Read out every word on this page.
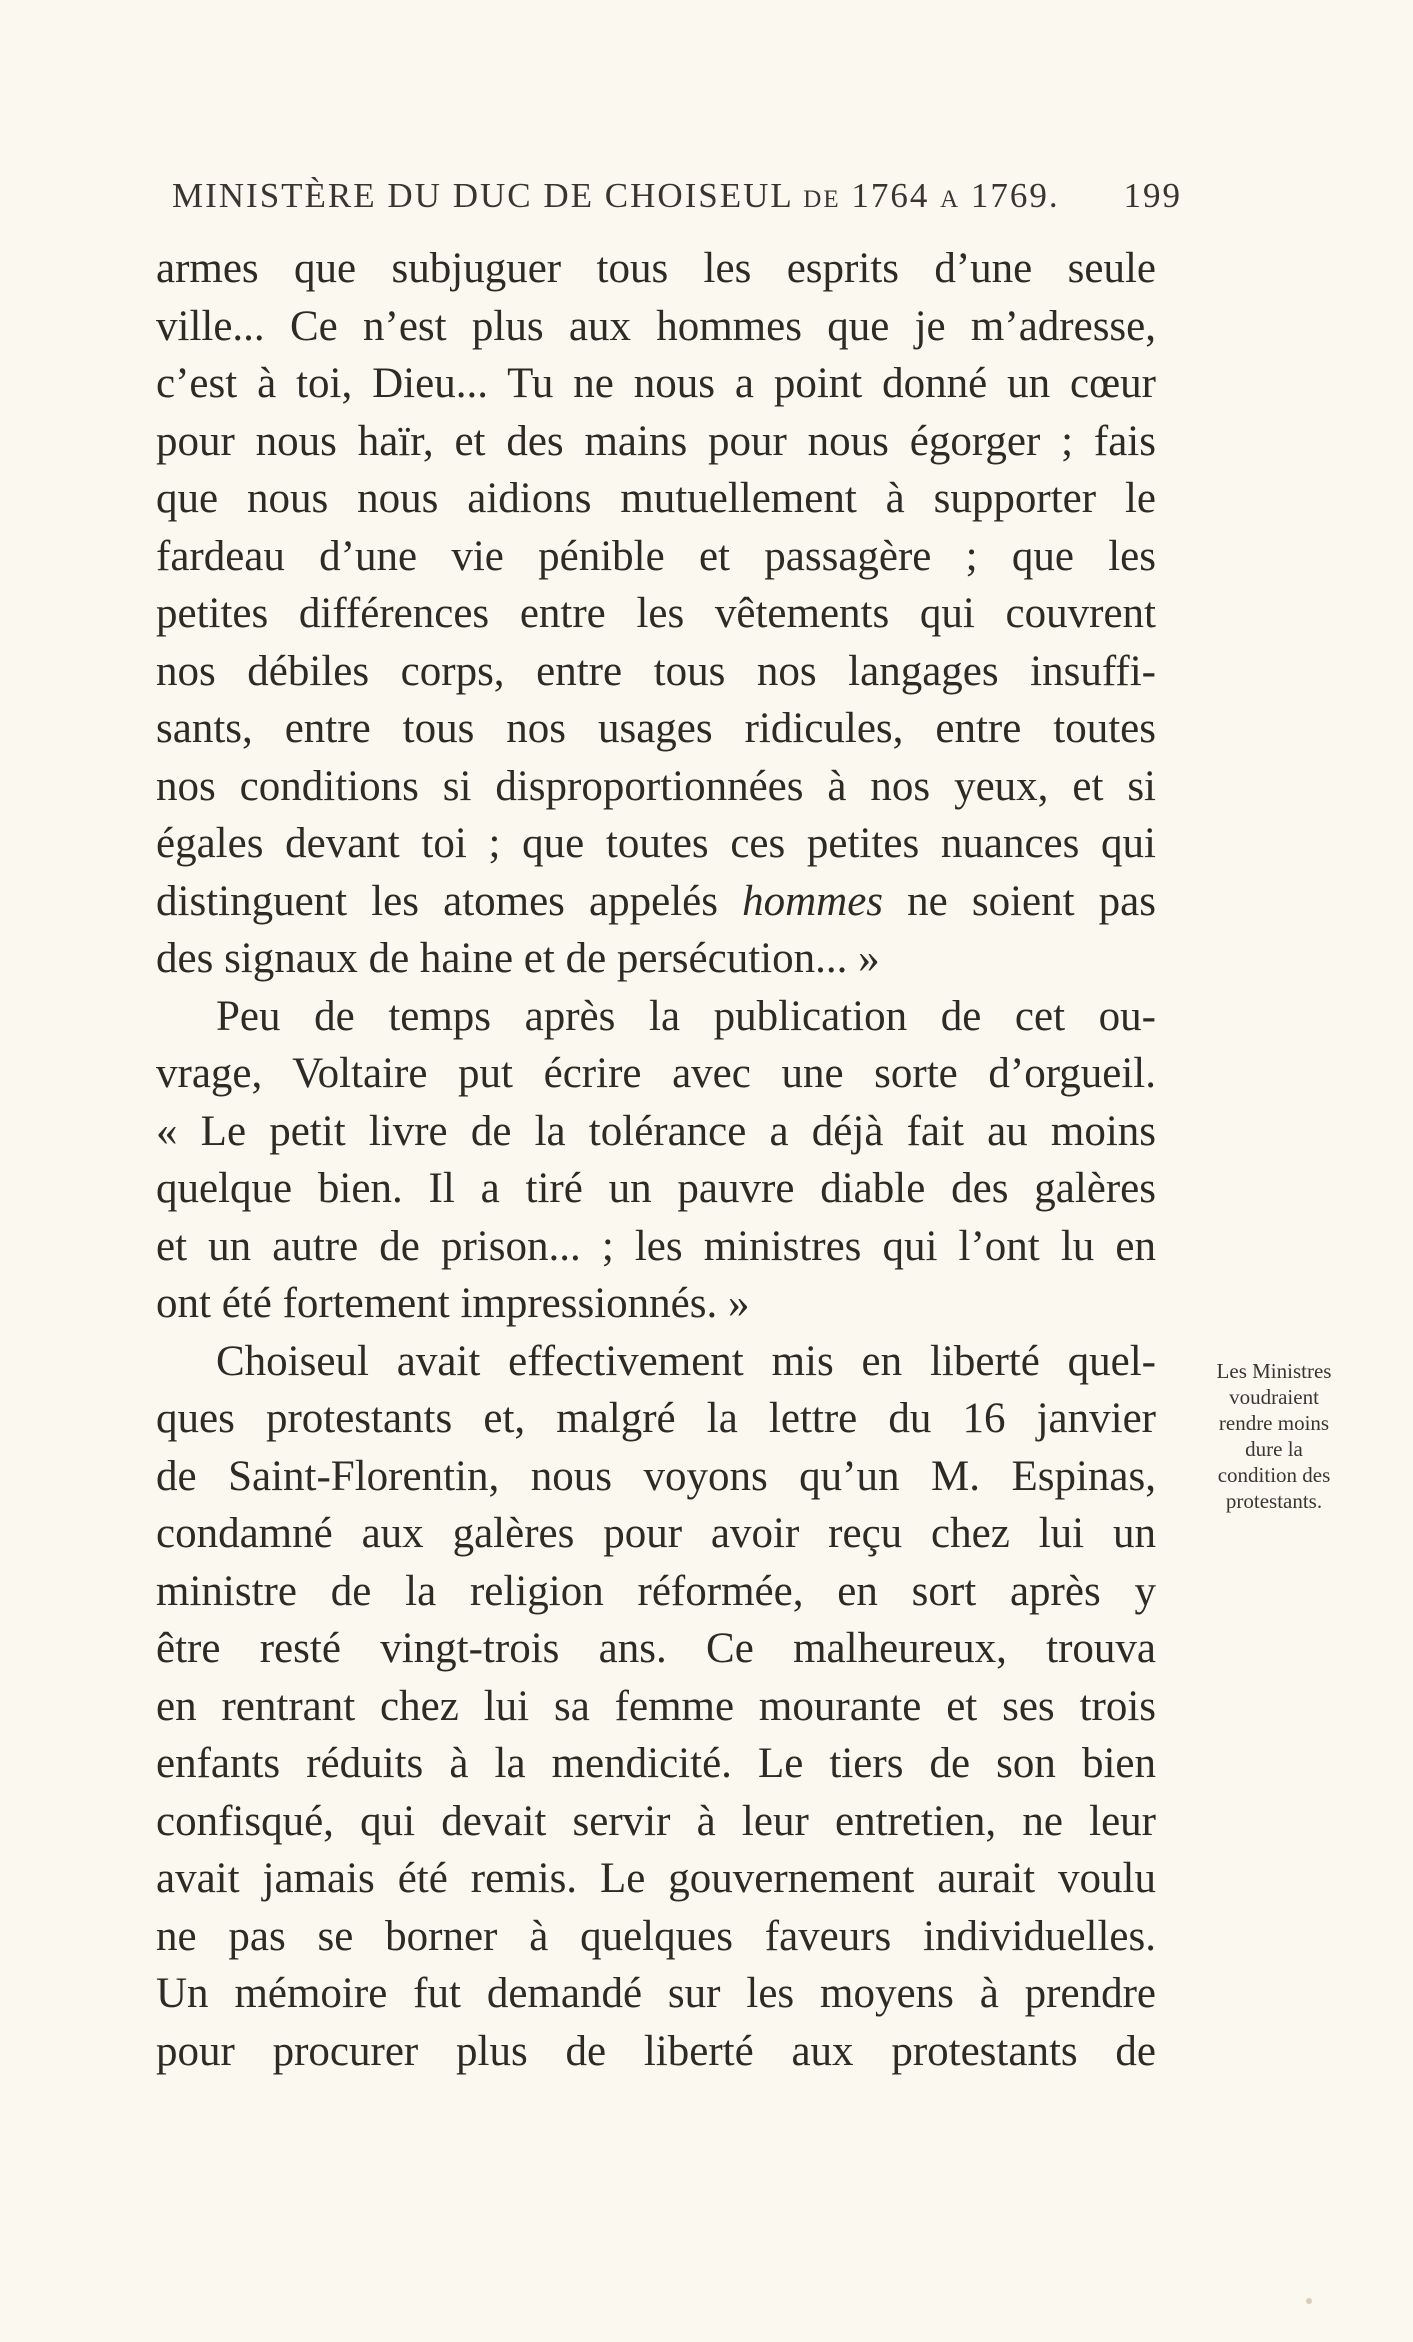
MINISTÈRE DU DUC DE CHOISEUL DE 1764 A 1769. 199
armes que subjuguer tous les esprits d’une seule
ville... Ce n’est plus aux hommes que je m’adresse,
c’est à toi, Dieu... Tu ne nous a point donné un cœur
pour nous haïr, et des mains pour nous égorger ; fais
que nous nous aidions mutuellement à supporter le
fardeau d’une vie pénible et passagère ; que les
petites différences entre les vêtements qui couvrent
nos débiles corps, entre tous nos langages insuffi-
sants, entre tous nos usages ridicules, entre toutes
nos conditions si disproportionnées à nos yeux, et si
égales devant toi ; que toutes ces petites nuances qui
distinguent les atomes appelés hommes ne soient pas
des signaux de haine et de persécution... »
Peu de temps après la publication de cet ou-
vrage, Voltaire put écrire avec une sorte d’orgueil.
« Le petit livre de la tolérance a déjà fait au moins
quelque bien. Il a tiré un pauvre diable des galères
et un autre de prison... ; les ministres qui l’ont lu en
ont été fortement impressionnés. »
Choiseul avait effectivement mis en liberté quel-
ques protestants et, malgré la lettre du 16 janvier
de Saint-Florentin, nous voyons qu’un M. Espinas,
condamné aux galères pour avoir reçu chez lui un
ministre de la religion réformée, en sort après y
être resté vingt-trois ans. Ce malheureux, trouva
en rentrant chez lui sa femme mourante et ses trois
enfants réduits à la mendicité. Le tiers de son bien
confisqué, qui devait servir à leur entretien, ne leur
avait jamais été remis. Le gouvernement aurait voulu
ne pas se borner à quelques faveurs individuelles.
Un mémoire fut demandé sur les moyens à prendre
pour procurer plus de liberté aux protestants de
Les Ministres
voudraient
rendre moins
dure la
condition des
protestants.
